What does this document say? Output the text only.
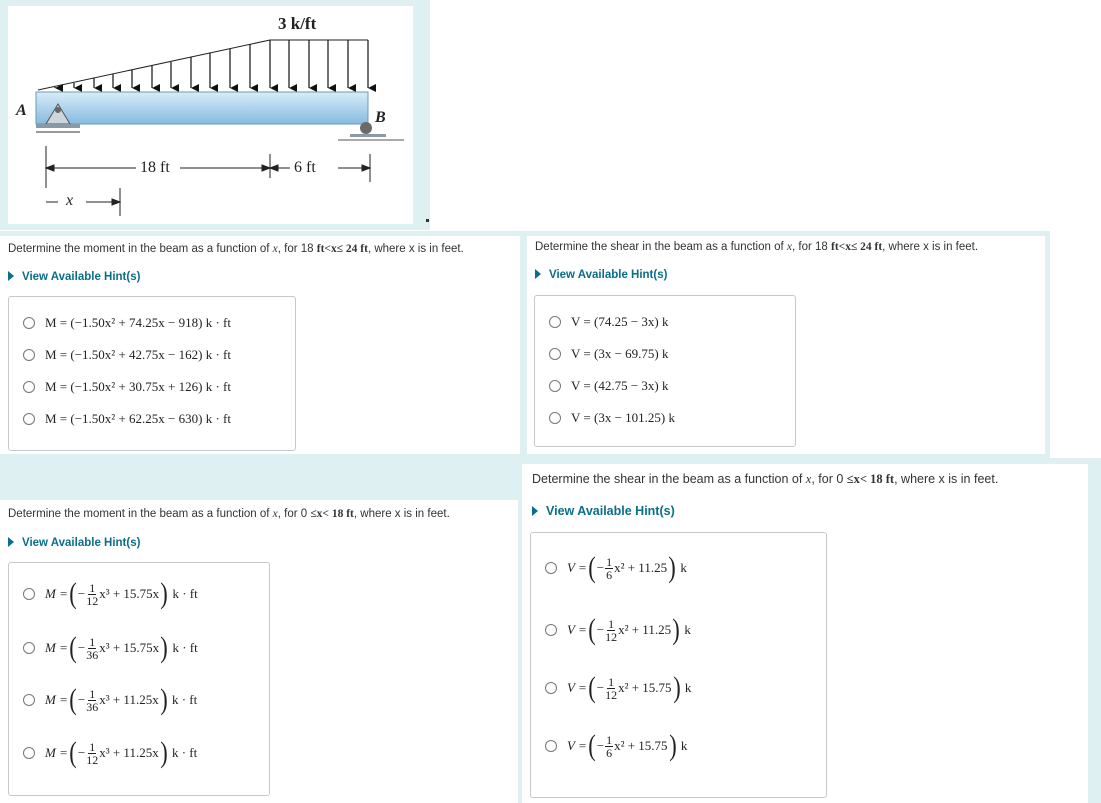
3 k/ft
A	B
18 ft	6 ft
x
Determine the moment in the beam as a function of x, for 18 ft<x≤ 24 ft, where x is in feet.
View Available Hint(s)
M = (−1.50x² + 74.25x − 918) k · ft
M = (−1.50x² + 42.75x − 162) k · ft
M = (−1.50x² + 30.75x + 126) k · ft
M = (−1.50x² + 62.25x − 630) k · ft
Determine the shear in the beam as a function of x, for 18 ft<x≤ 24 ft, where x is in feet.
View Available Hint(s)
V = (74.25 − 3x) k
V = (3x − 69.75) k
V = (42.75 − 3x) k
V = (3x − 101.25) k
Determine the moment in the beam as a function of x, for 0 ≤x< 18 ft, where x is in feet.
View Available Hint(s)
M = ( − $\frac{1}{12} x^3 + 15.75x$ )
k · ft
M = ( − $\frac{1}{36} x^3 + 15.75x$ )
k · ft
M = ( − $\frac{1}{36} x^3 + 11.25x$ )
k · ft
M = ( − $\frac{1}{12} x^3 + 11.25x$ )
k · ft
Determine the shear in the beam as a function of x, for 0 ≤x< 18 ft, where x is in feet.
View Available Hint(s)
V = ( − $\frac{1}{6} x^2 + 11.25$ )
k
V = ( − $\frac{1}{12} x^2 + 11.25$ )
k
V = ( − $\frac{1}{12} x^2 + 15.75$ )
k
V = ( − $\frac{1}{6} x^2 + 15.75$ )
k
